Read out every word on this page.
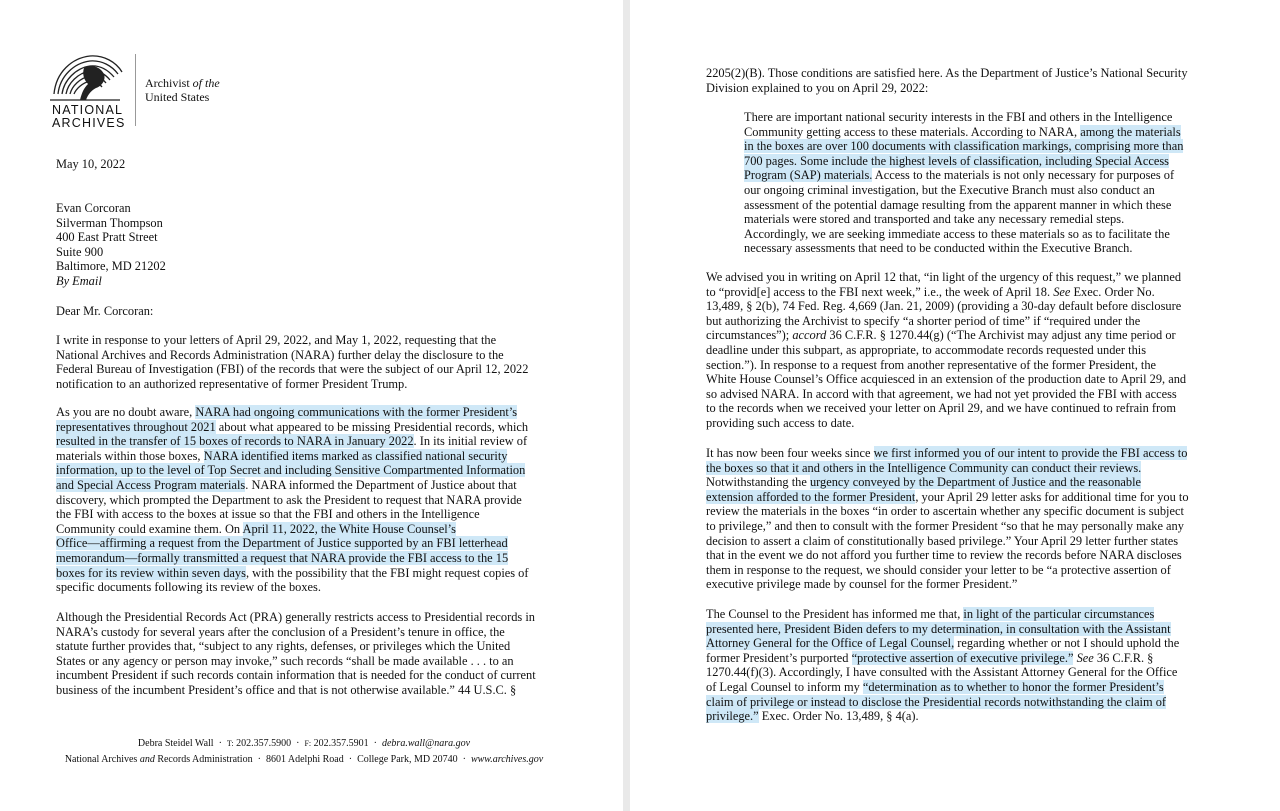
NATIONAL
ARCHIVES
Archivist of the
United States
May 10, 2022
Evan Corcoran
Silverman Thompson
400 East Pratt Street
Suite 900
Baltimore, MD 21202
By Email
Dear Mr. Corcoran:
I write in response to your letters of April 29, 2022, and May 1, 2022, requesting that the
National Archives and Records Administration (NARA) further delay the disclosure to the
Federal Bureau of Investigation (FBI) of the records that were the subject of our April 12, 2022
notification to an authorized representative of former President Trump.
As you are no doubt aware, NARA had ongoing communications with the former President’s
representatives throughout 2021 about what appeared to be missing Presidential records, which
resulted in the transfer of 15 boxes of records to NARA in January 2022. In its initial review of
materials within those boxes, NARA identified items marked as classified national security
information, up to the level of Top Secret and including Sensitive Compartmented Information
and Special Access Program materials. NARA informed the Department of Justice about that
discovery, which prompted the Department to ask the President to request that NARA provide
the FBI with access to the boxes at issue so that the FBI and others in the Intelligence
Community could examine them. On April 11, 2022, the White House Counsel’s
Office—affirming a request from the Department of Justice supported by an FBI letterhead
memorandum—formally transmitted a request that NARA provide the FBI access to the 15
boxes for its review within seven days, with the possibility that the FBI might request copies of
specific documents following its review of the boxes.
Although the Presidential Records Act (PRA) generally restricts access to Presidential records in
NARA’s custody for several years after the conclusion of a President’s tenure in office, the
statute further provides that, “subject to any rights, defenses, or privileges which the United
States or any agency or person may invoke,” such records “shall be made available . . . to an
incumbent President if such records contain information that is needed for the conduct of current
business of the incumbent President’s office and that is not otherwise available.” 44 U.S.C. §
Debra Steidel Wall · T: 202.357.5900 · F: 202.357.5901 · debra.wall@nara.gov
National Archives and Records Administration · 8601 Adelphi Road · College Park, MD 20740 · www.archives.gov
2205(2)(B). Those conditions are satisfied here. As the Department of Justice’s National Security
Division explained to you on April 29, 2022:
There are important national security interests in the FBI and others in the Intelligence
Community getting access to these materials. According to NARA, among the materials
in the boxes are over 100 documents with classification markings, comprising more than
700 pages. Some include the highest levels of classification, including Special Access
Program (SAP) materials. Access to the materials is not only necessary for purposes of
our ongoing criminal investigation, but the Executive Branch must also conduct an
assessment of the potential damage resulting from the apparent manner in which these
materials were stored and transported and take any necessary remedial steps.
Accordingly, we are seeking immediate access to these materials so as to facilitate the
necessary assessments that need to be conducted within the Executive Branch.
We advised you in writing on April 12 that, “in light of the urgency of this request,” we planned
to “provid[e] access to the FBI next week,” i.e., the week of April 18. See Exec. Order No.
13,489, § 2(b), 74 Fed. Reg. 4,669 (Jan. 21, 2009) (providing a 30-day default before disclosure
but authorizing the Archivist to specify “a shorter period of time” if “required under the
circumstances”); accord 36 C.F.R. § 1270.44(g) (“The Archivist may adjust any time period or
deadline under this subpart, as appropriate, to accommodate records requested under this
section.”). In response to a request from another representative of the former President, the
White House Counsel’s Office acquiesced in an extension of the production date to April 29, and
so advised NARA. In accord with that agreement, we had not yet provided the FBI with access
to the records when we received your letter on April 29, and we have continued to refrain from
providing such access to date.
It has now been four weeks since we first informed you of our intent to provide the FBI access to
the boxes so that it and others in the Intelligence Community can conduct their reviews.
Notwithstanding the urgency conveyed by the Department of Justice and the reasonable
extension afforded to the former President, your April 29 letter asks for additional time for you to
review the materials in the boxes “in order to ascertain whether any specific document is subject
to privilege,” and then to consult with the former President “so that he may personally make any
decision to assert a claim of constitutionally based privilege.” Your April 29 letter further states
that in the event we do not afford you further time to review the records before NARA discloses
them in response to the request, we should consider your letter to be “a protective assertion of
executive privilege made by counsel for the former President.”
The Counsel to the President has informed me that, in light of the particular circumstances
presented here, President Biden defers to my determination, in consultation with the Assistant
Attorney General for the Office of Legal Counsel, regarding whether or not I should uphold the
former President’s purported “protective assertion of executive privilege.” See 36 C.F.R. §
1270.44(f)(3). Accordingly, I have consulted with the Assistant Attorney General for the Office
of Legal Counsel to inform my “determination as to whether to honor the former President’s
claim of privilege or instead to disclose the Presidential records notwithstanding the claim of
privilege.” Exec. Order No. 13,489, § 4(a).
